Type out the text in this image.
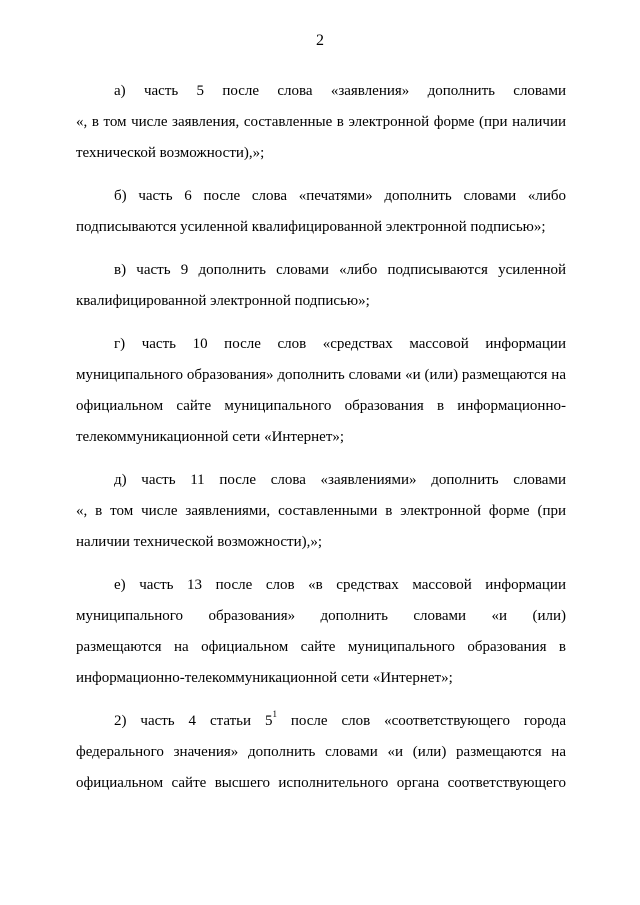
2

а) часть 5 после слова «заявления» дополнить словами
«, в том числе заявления, составленные в электронной форме (при наличии
технической возможности),»;

б) часть 6 после слова «печатями» дополнить словами «либо
подписываются усиленной квалифицированной электронной подписью»;

в) часть 9 дополнить словами «либо подписываются усиленной
квалифицированной электронной подписью»;

г) часть 10 после слов «средствах массовой информации
муниципального образования» дополнить словами «и (или) размещаются на
официальном сайте муниципального образования в информационно-
телекоммуникационной сети «Интернет»;

д) часть 11 после слова «заявлениями» дополнить словами
«, в том числе заявлениями, составленными в электронной форме (при
наличии технической возможности),»;

е) часть 13 после слов «в средствах массовой информации
муниципального образования» дополнить словами «и (или)
размещаются на официальном сайте муниципального образования в
информационно-телекоммуникационной сети «Интернет»;

2) часть 4 статьи $5^1$ после слов «соответствующего города
федерального значения» дополнить словами «и (или) размещаются на
официальном сайте высшего исполнительного органа соответствующего
